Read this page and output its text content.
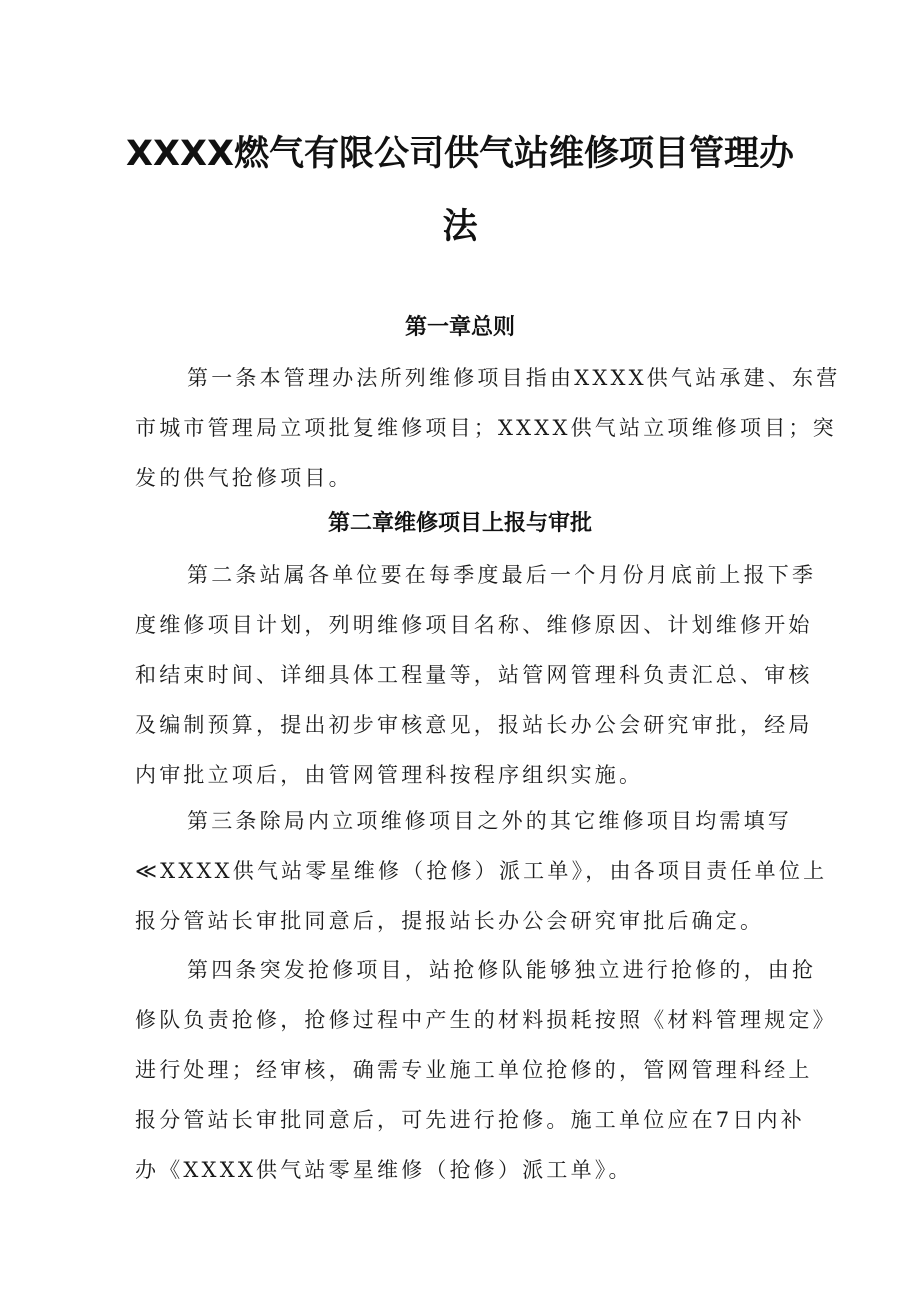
XXXX燃气有限公司供气站维修项目管理办
法
第一章总则
第一条本管理办法所列维修项目指由XXXX供气站承建、东营
市城市管理局立项批复维修项目；XXXX供气站立项维修项目；突
发的供气抢修项目。
第二章维修项目上报与审批
第二条站属各单位要在每季度最后一个月份月底前上报下季
度维修项目计划，列明维修项目名称、维修原因、计划维修开始
和结束时间、详细具体工程量等，站管网管理科负责汇总、审核
及编制预算，提出初步审核意见，报站长办公会研究审批，经局
内审批立项后，由管网管理科按程序组织实施。
第三条除局内立项维修项目之外的其它维修项目均需填写
≪XXXX供气站零星维修（抢修）派工单》，由各项目责任单位上
报分管站长审批同意后，提报站长办公会研究审批后确定。
第四条突发抢修项目，站抢修队能够独立进行抢修的，由抢
修队负责抢修，抢修过程中产生的材料损耗按照《材料管理规定》
进行处理；经审核，确需专业施工单位抢修的，管网管理科经上
报分管站长审批同意后，可先进行抢修。施工单位应在7日内补
办《XXXX供气站零星维修（抢修）派工单》。
